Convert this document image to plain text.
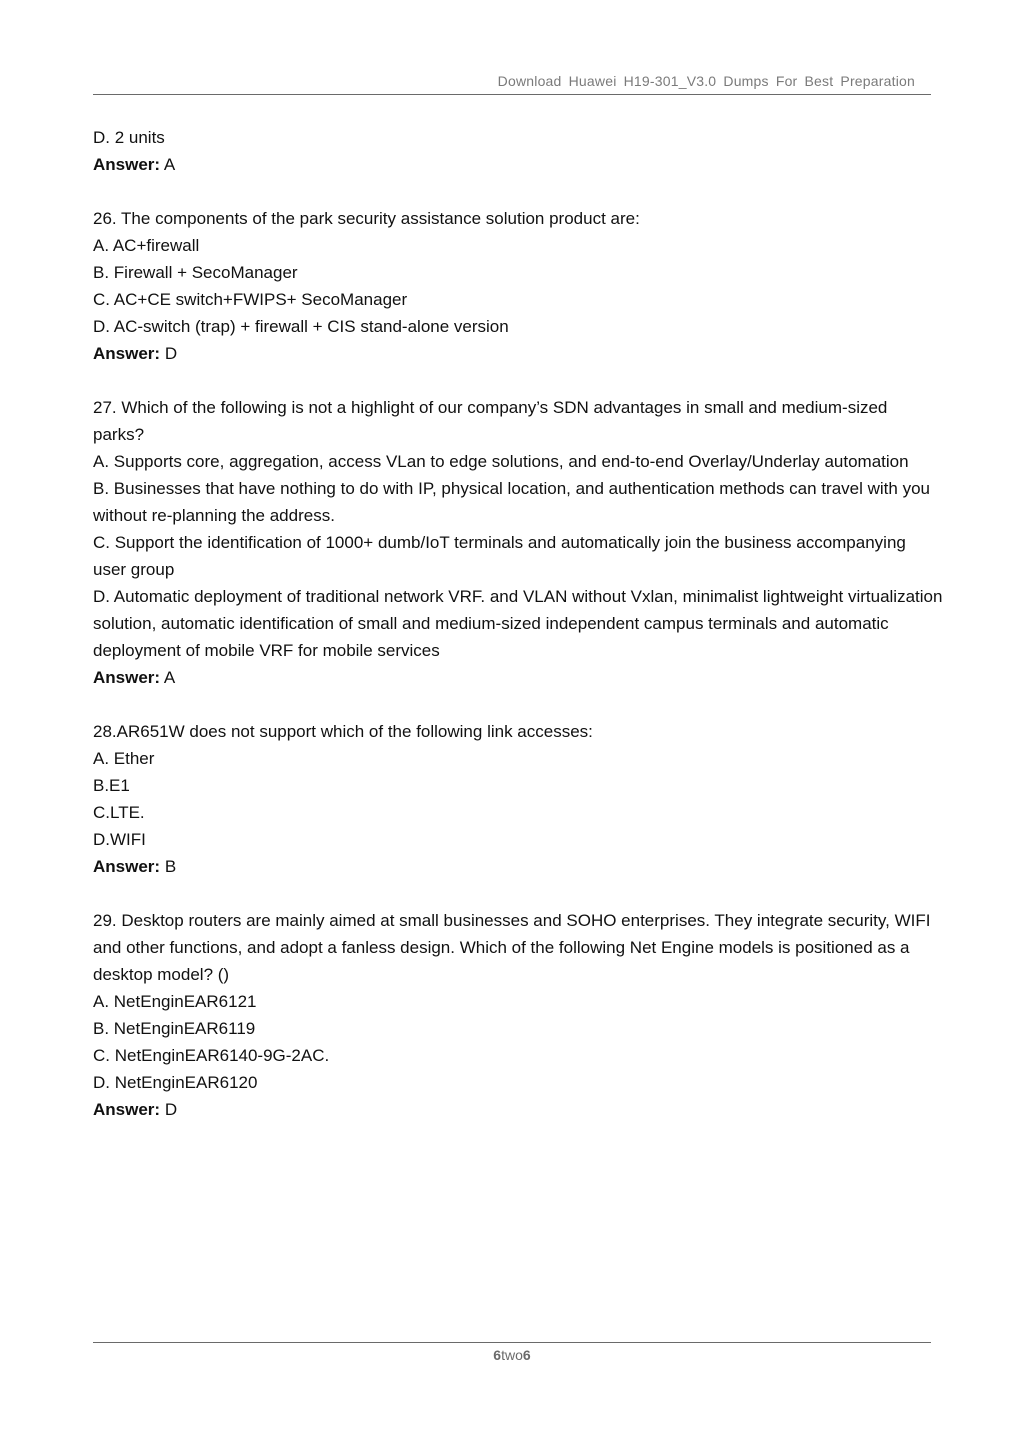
Download Huawei H19-301_V3.0 Dumps For Best Preparation

D. 2 units

Answer: A

26. The components of the park security assistance solution product are:

A. AC+firewall

B. Firewall + SecoManager

C. AC+CE switch+FWIPS+ SecoManager

D. AC-switch (trap) + firewall + CIS stand-alone version

Answer: D

27. Which of the following is not a highlight of our company’s SDN advantages in small and medium-sized parks?

A. Supports core, aggregation, access VLan to edge solutions, and end-to-end Overlay/Underlay automation

B. Businesses that have nothing to do with IP, physical location, and authentication methods can travel with you without re-planning the address.

C. Support the identification of 1000+ dumb/IoT terminals and automatically join the business accompanying user group

D. Automatic deployment of traditional network VRF. and VLAN without Vxlan, minimalist lightweight virtualization solution, automatic identification of small and medium-sized independent campus terminals and automatic deployment of mobile VRF for mobile services

Answer: A

28.AR651W does not support which of the following link accesses:

A. Ether

B.E1

C.LTE.

D.WIFI

Answer: B

29. Desktop routers are mainly aimed at small businesses and SOHO enterprises. They integrate security, WIFI and other functions, and adopt a fanless design. Which of the following Net Engine models is positioned as a desktop model? ()

A. NetEnginEAR6121

B. NetEnginEAR6119

C. NetEnginEAR6140-9G-2AC.

D. NetEnginEAR6120

Answer: D

6two6
